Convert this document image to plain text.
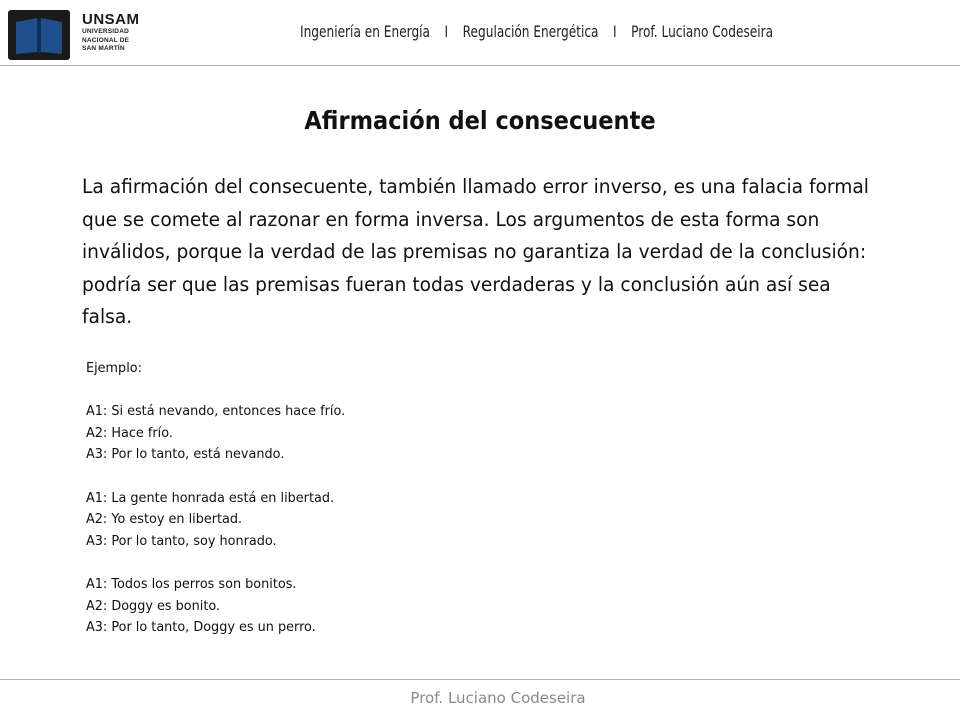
UNSAM
UNIVERSIDAD
NACIONAL DE
SAN MARTÍN
Ingeniería en Energía I Regulación Energética I Prof. Luciano Codeseira
Afirmación del consecuente
La afirmación del consecuente, también llamado error inverso, es una falacia formal que se comete al razonar en forma inversa. Los argumentos de esta forma son inválidos, porque la verdad de las premisas no garantiza la verdad de la conclusión: podría ser que las premisas fueran todas verdaderas y la conclusión aún así sea falsa.
Ejemplo:
A1: Si está nevando, entonces hace frío.
A2: Hace frío.
A3: Por lo tanto, está nevando.
A1: La gente honrada está en libertad.
A2: Yo estoy en libertad.
A3: Por lo tanto, soy honrado.
A1: Todos los perros son bonitos.
A2: Doggy es bonito.
A3: Por lo tanto, Doggy es un perro.
Prof. Luciano Codeseira
